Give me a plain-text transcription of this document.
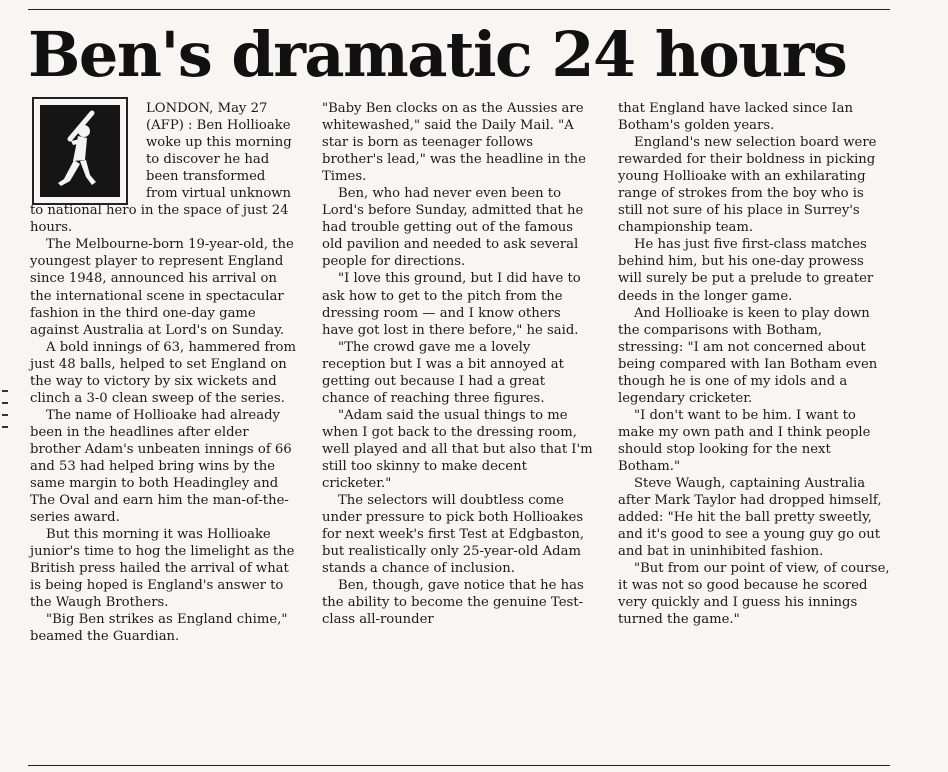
Ben's dramatic 24 hours

LONDON, May 27 (AFP) : Ben Hollioake woke up this morning to discover he had been transformed from virtual unknown to national hero in the space of just 24 hours.

The Melbourne-born 19-year-old, the youngest player to represent England since 1948, announced his arrival on the international scene in spectacular fashion in the third one-day game against Australia at Lord's on Sunday.

A bold innings of 63, hammered from just 48 balls, helped to set England on the way to victory by six wickets and clinch a 3-0 clean sweep of the series.

The name of Hollioake had already been in the headlines after elder brother Adam's unbeaten innings of 66 and 53 had helped bring wins by the same margin to both Headingley and The Oval and earn him the man-of-the-series award.

But this morning it was Hollioake junior's time to hog the limelight as the British press hailed the arrival of what is being hoped is England's answer to the Waugh Brothers.

"Big Ben strikes as England chime," beamed the Guardian.

"Baby Ben clocks on as the Aussies are whitewashed," said the Daily Mail. "A star is born as teenager follows brother's lead," was the headline in the Times.

Ben, who had never even been to Lord's before Sunday, admitted that he had trouble getting out of the famous old pavilion and needed to ask several people for directions.

"I love this ground, but I did have to ask how to get to the pitch from the dressing room — and I know others have got lost in there before," he said.

"The crowd gave me a lovely reception but I was a bit annoyed at getting out because I had a great chance of reaching three figures.

"Adam said the usual things to me when I got back to the dressing room, well played and all that but also that I'm still too skinny to make decent cricketer."

The selectors will doubtless come under pressure to pick both Hollioakes for next week's first Test at Edgbaston, but realistically only 25-year-old Adam stands a chance of inclusion.

Ben, though, gave notice that he has the ability to become the genuine Test-class all-rounder

that England have lacked since Ian Botham's golden years.

England's new selection board were rewarded for their boldness in picking young Hollioake with an exhilarating range of strokes from the boy who is still not sure of his place in Surrey's championship team.

He has just five first-class matches behind him, but his one-day prowess will surely be put a prelude to greater deeds in the longer game.

And Hollioake is keen to play down the comparisons with Botham, stressing: "I am not concerned about being compared with Ian Botham even though he is one of my idols and a legendary cricketer.

"I don't want to be him. I want to make my own path and I think people should stop looking for the next Botham."

Steve Waugh, captaining Australia after Mark Taylor had dropped himself, added: "He hit the ball pretty sweetly, and it's good to see a young guy go out and bat in uninhibited fashion.

"But from our point of view, of course, it was not so good because he scored very quickly and I guess his innings turned the game."
